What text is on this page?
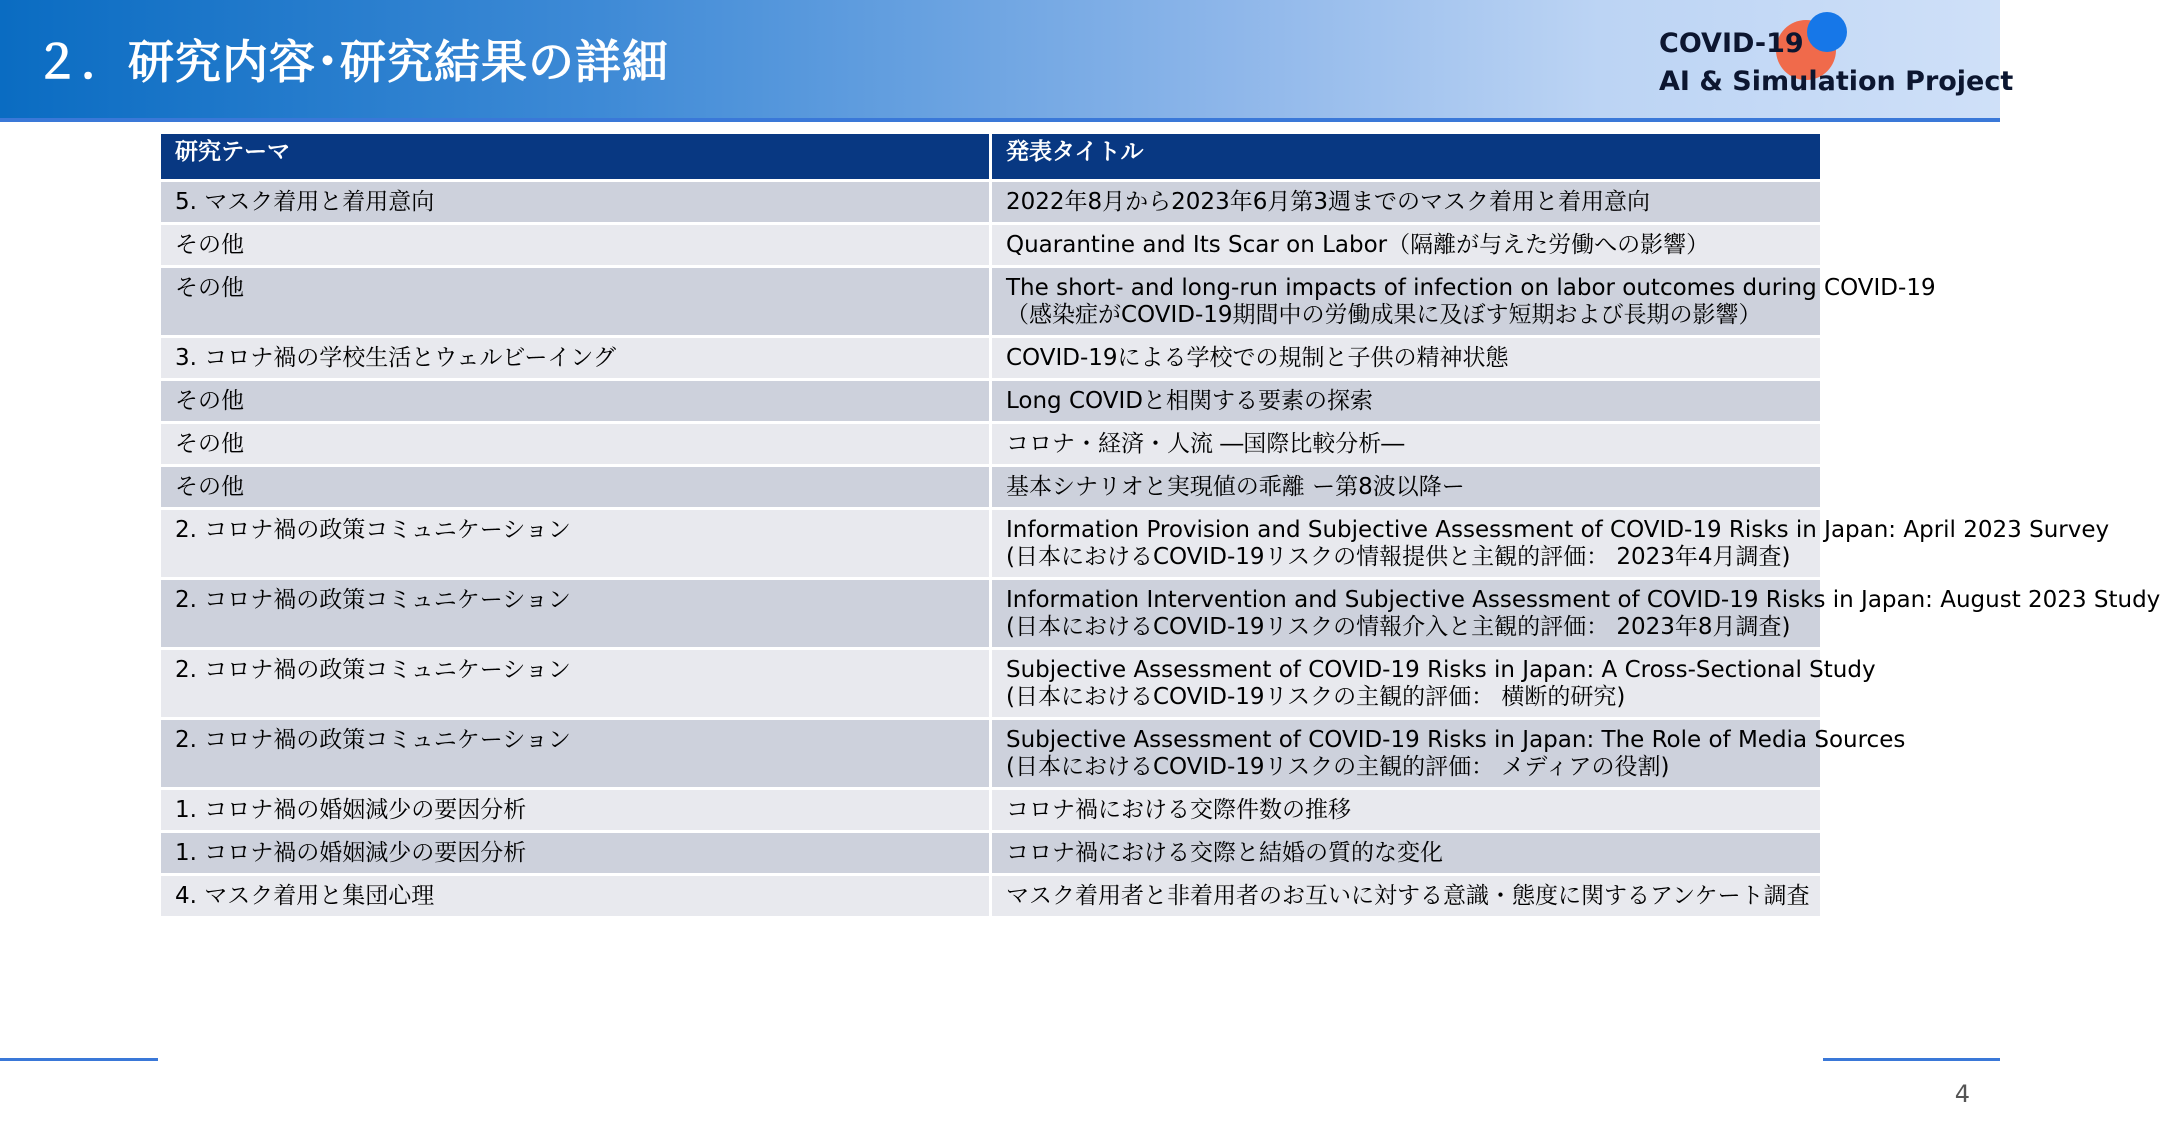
２．研究内容･研究結果の詳細	COVID-19
AI & Simulation Project
研究テーマ	発表タイトル

5. マスク着用と着用意向	2022年8月から2023年6月第3週までのマスク着用と着用意向

その他	Quarantine and Its Scar on Labor（隔離が与えた労働への影響）

その他	The short- and long-run impacts of infection on labor outcomes during COVID-19
（感染症がCOVID-19期間中の労働成果に及ぼす短期および長期の影響）

3. コロナ禍の学校生活とウェルビーイング	COVID-19による学校での規制と子供の精神状態

その他	Long COVIDと相関する要素の探索

その他	コロナ・経済・人流 ―国際比較分析―

その他	基本シナリオと実現値の乖離 ー第8波以降ー

2. コロナ禍の政策コミュニケーション	Information Provision and Subjective Assessment of COVID-19 Risks in Japan: April 2023 Survey
(日本におけるCOVID-19リスクの情報提供と主観的評価： 2023年4月調査)

2. コロナ禍の政策コミュニケーション	Information Intervention and Subjective Assessment of COVID-19 Risks in Japan: August 2023 Study
(日本におけるCOVID-19リスクの情報介入と主観的評価： 2023年8月調査)

2. コロナ禍の政策コミュニケーション	Subjective Assessment of COVID-19 Risks in Japan: A Cross-Sectional Study
(日本におけるCOVID-19リスクの主観的評価： 横断的研究)

2. コロナ禍の政策コミュニケーション	Subjective Assessment of COVID-19 Risks in Japan: The Role of Media Sources
(日本におけるCOVID-19リスクの主観的評価： メディアの役割)

1. コロナ禍の婚姻減少の要因分析	コロナ禍における交際件数の推移

1. コロナ禍の婚姻減少の要因分析	コロナ禍における交際と結婚の質的な変化

4. マスク着用と集団心理	マスク着用者と非着用者のお互いに対する意識・態度に関するアンケート調査
4
